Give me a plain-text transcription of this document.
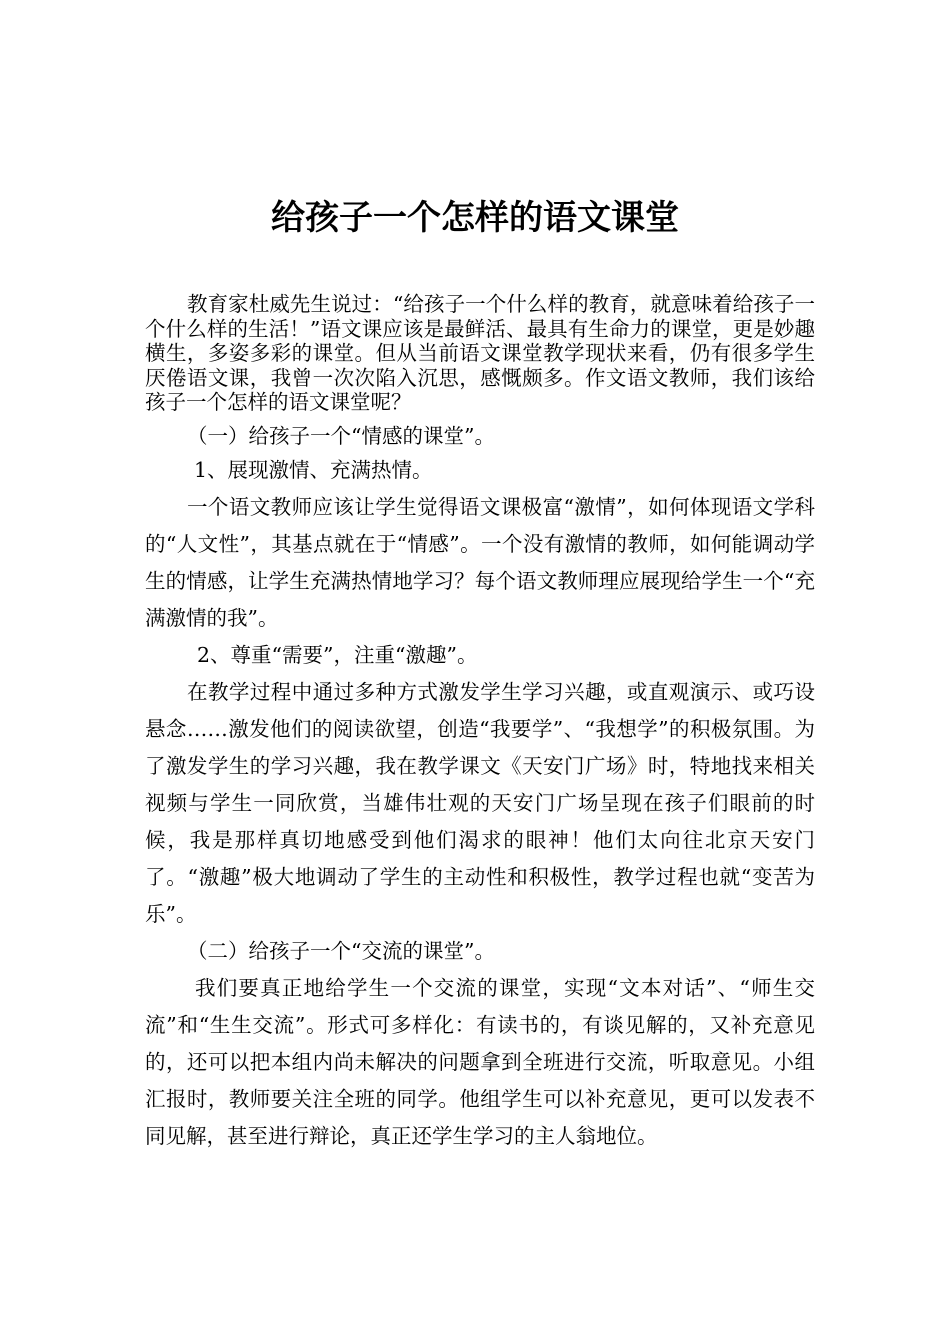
给孩子一个怎样的语文课堂

教育家杜威先生说过：“给孩子一个什么样的教育，就意味着给孩子一个什么样的生活！”语文课应该是最鲜活、最具有生命力的课堂，更是妙趣横生，多姿多彩的课堂。但从当前语文课堂教学现状来看，仍有很多学生厌倦语文课，我曾一次次陷入沉思，感慨颇多。作文语文教师，我们该给孩子一个怎样的语文课堂呢？

（一）给孩子一个“情感的课堂”。

1、展现激情、充满热情。

一个语文教师应该让学生觉得语文课极富“激情”，如何体现语文学科的“人文性”，其基点就在于“情感”。一个没有激情的教师，如何能调动学生的情感，让学生充满热情地学习？每个语文教师理应展现给学生一个“充满激情的我”。

2、尊重“需要”，注重“激趣”。

在教学过程中通过多种方式激发学生学习兴趣，或直观演示、或巧设悬念……激发他们的阅读欲望，创造“我要学”、“我想学”的积极氛围。为了激发学生的学习兴趣，我在教学课文《天安门广场》时，特地找来相关视频与学生一同欣赏，当雄伟壮观的天安门广场呈现在孩子们眼前的时候，我是那样真切地感受到他们渴求的眼神！他们太向往北京天安门了。“激趣”极大地调动了学生的主动性和积极性，教学过程也就“变苦为乐”。

（二）给孩子一个“交流的课堂”。

我们要真正地给学生一个交流的课堂，实现“文本对话”、“师生交流”和“生生交流”。形式可多样化：有读书的，有谈见解的，又补充意见的，还可以把本组内尚未解决的问题拿到全班进行交流，听取意见。小组汇报时，教师要关注全班的同学。他组学生可以补充意见，更可以发表不同见解，甚至进行辩论，真正还学生学习的主人翁地位。
